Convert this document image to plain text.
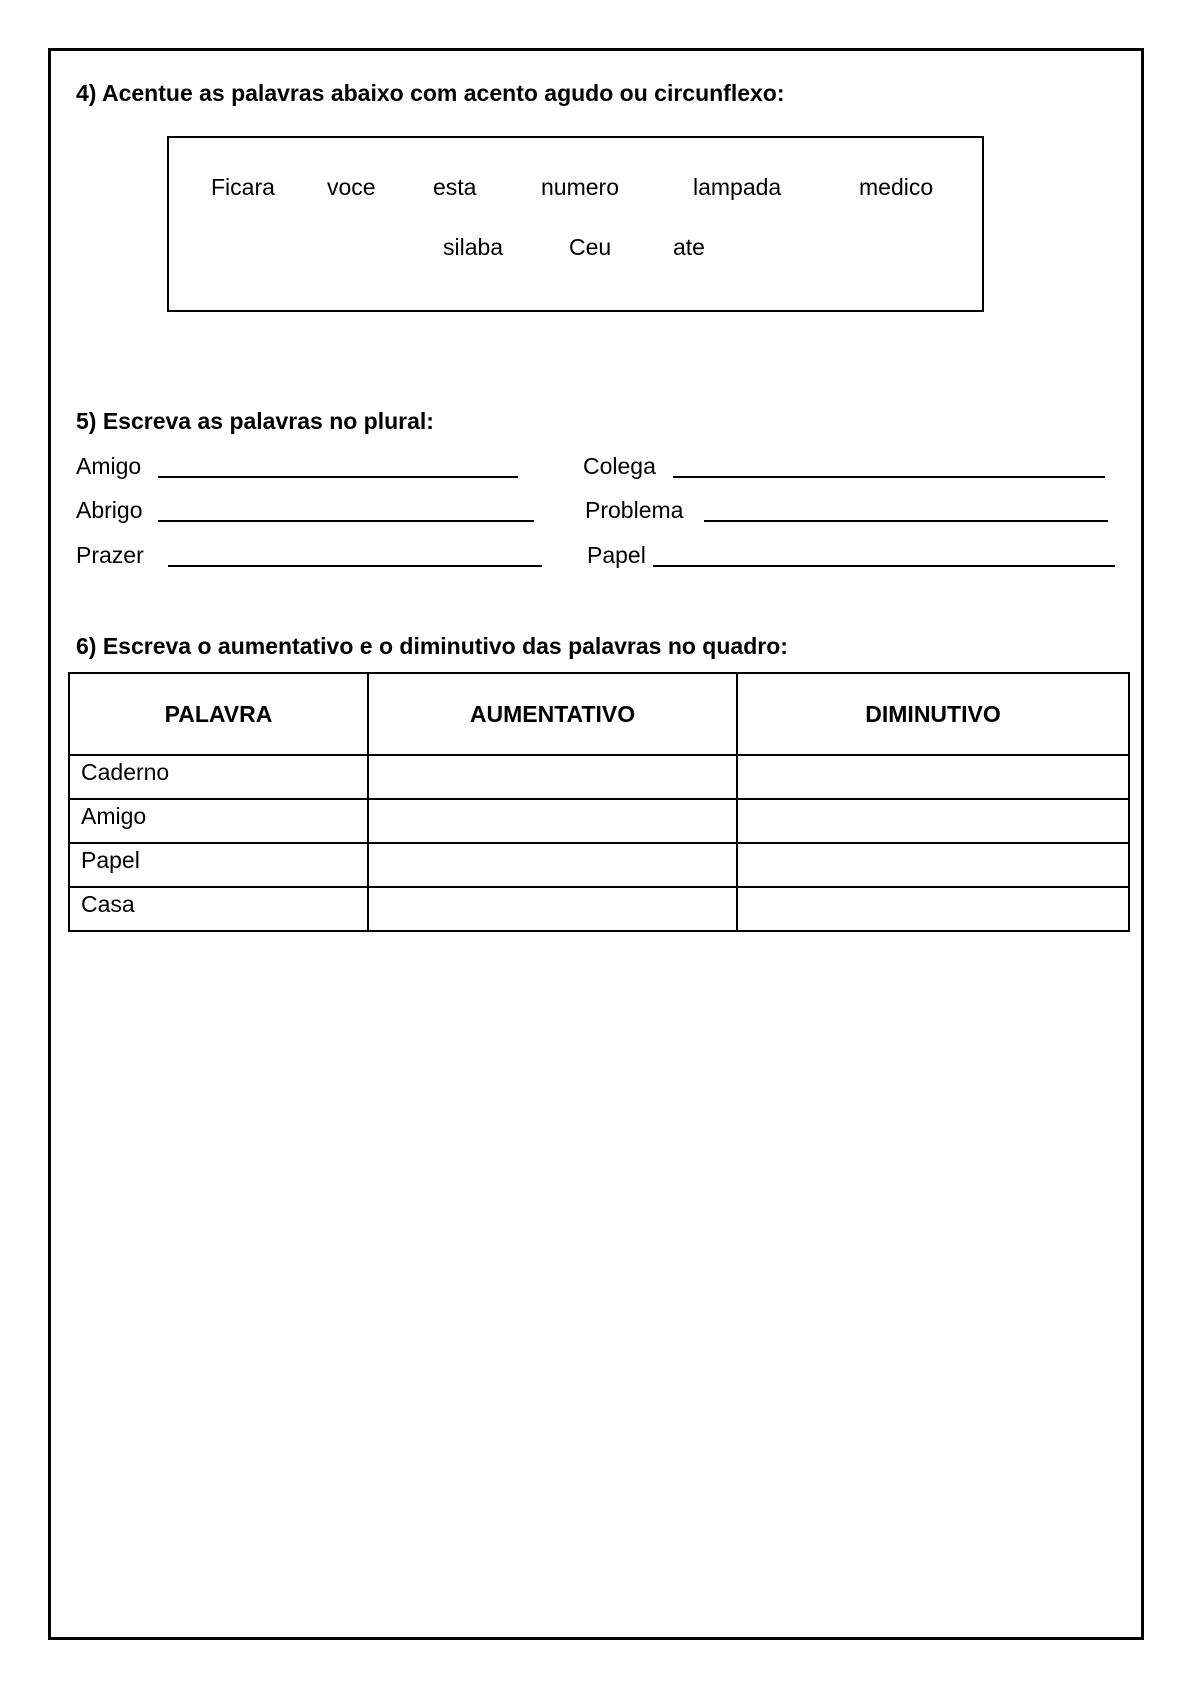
4) Acentue as palavras abaixo com acento agudo ou circunflexo:
Ficara voce esta	numero	lampada	medico
silaba	Ceu	ate
5) Escreva as palavras no plural:
Amigo	Colega
Abrigo	Problema
Prazer	Papel
6) Escreva o aumentativo e o diminutivo das palavras no quadro:
PALAVRA	AUMENTATIVO	DIMINUTIVO
Caderno		
Amigo		
Papel		
Casa		
